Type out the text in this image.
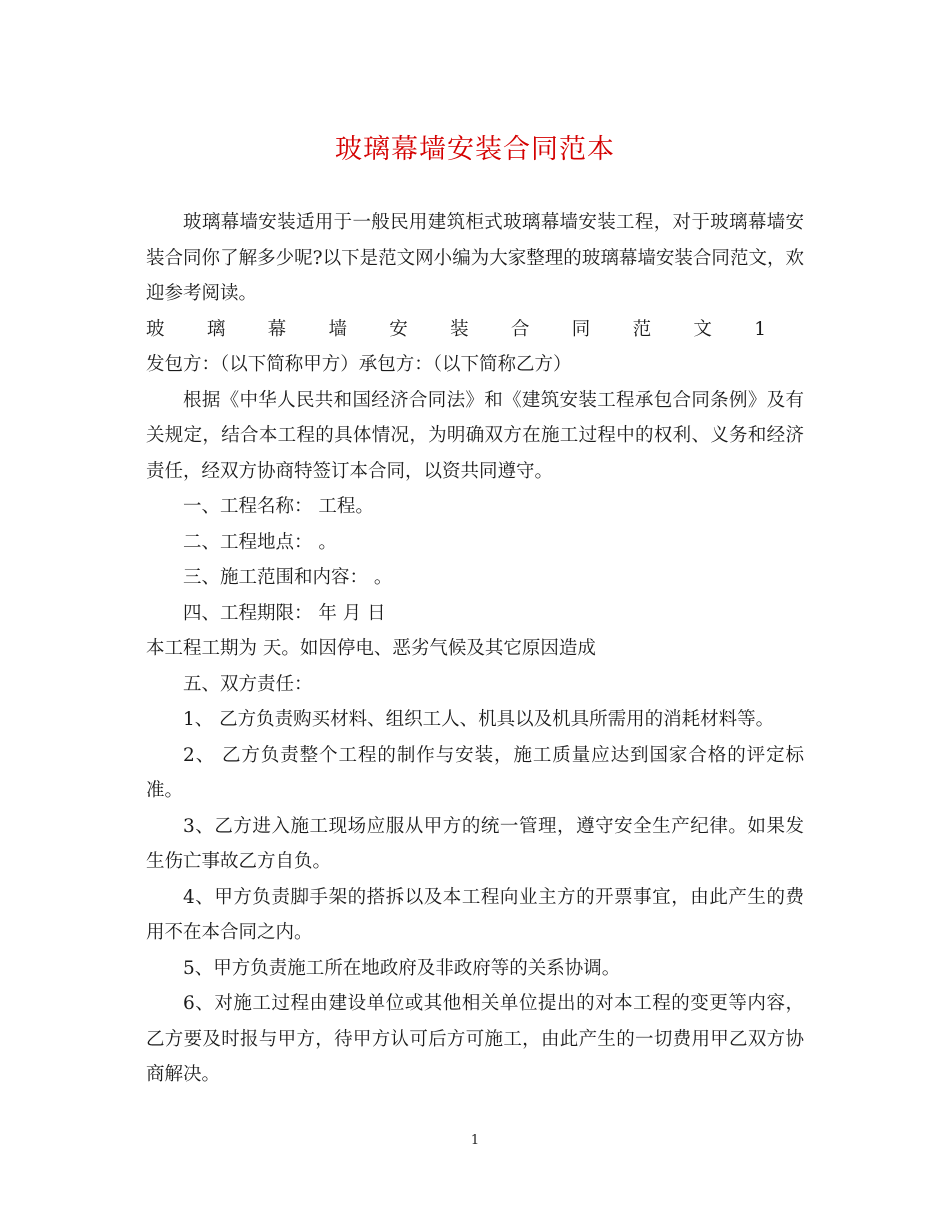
玻璃幕墙安装合同范本

玻璃幕墙安装适用于一般民用建筑柜式玻璃幕墙安装工程，对于玻璃幕墙安装合同你了解多少呢?以下是范文网小编为大家整理的玻璃幕墙安装合同范文，欢迎参考阅读。

玻璃幕墙安装合同范文1发包方：（以下简称甲方）承包方：（以下简称乙方）

根据《中华人民共和国经济合同法》和《建筑安装工程承包合同条例》及有关规定，结合本工程的具体情况，为明确双方在施工过程中的权利、义务和经济责任，经双方协商特签订本合同，以资共同遵守。

一、工程名称： 工程。

二、工程地点： 。

三、施工范围和内容： 。

四、工程期限： 年 月 日

本工程工期为 天。如因停电、恶劣气候及其它原因造成

五、双方责任：

1、 乙方负责购买材料、组织工人、机具以及机具所需用的消耗材料等。

2、 乙方负责整个工程的制作与安装，施工质量应达到国家合格的评定标准。

3、乙方进入施工现场应服从甲方的统一管理，遵守安全生产纪律。如果发生伤亡事故乙方自负。

4、甲方负责脚手架的搭拆以及本工程向业主方的开票事宜，由此产生的费用不在本合同之内。

5、甲方负责施工所在地政府及非政府等的关系协调。

6、对施工过程由建设单位或其他相关单位提出的对本工程的变更等内容，乙方要及时报与甲方，待甲方认可后方可施工，由此产生的一切费用甲乙双方协商解决。

1
